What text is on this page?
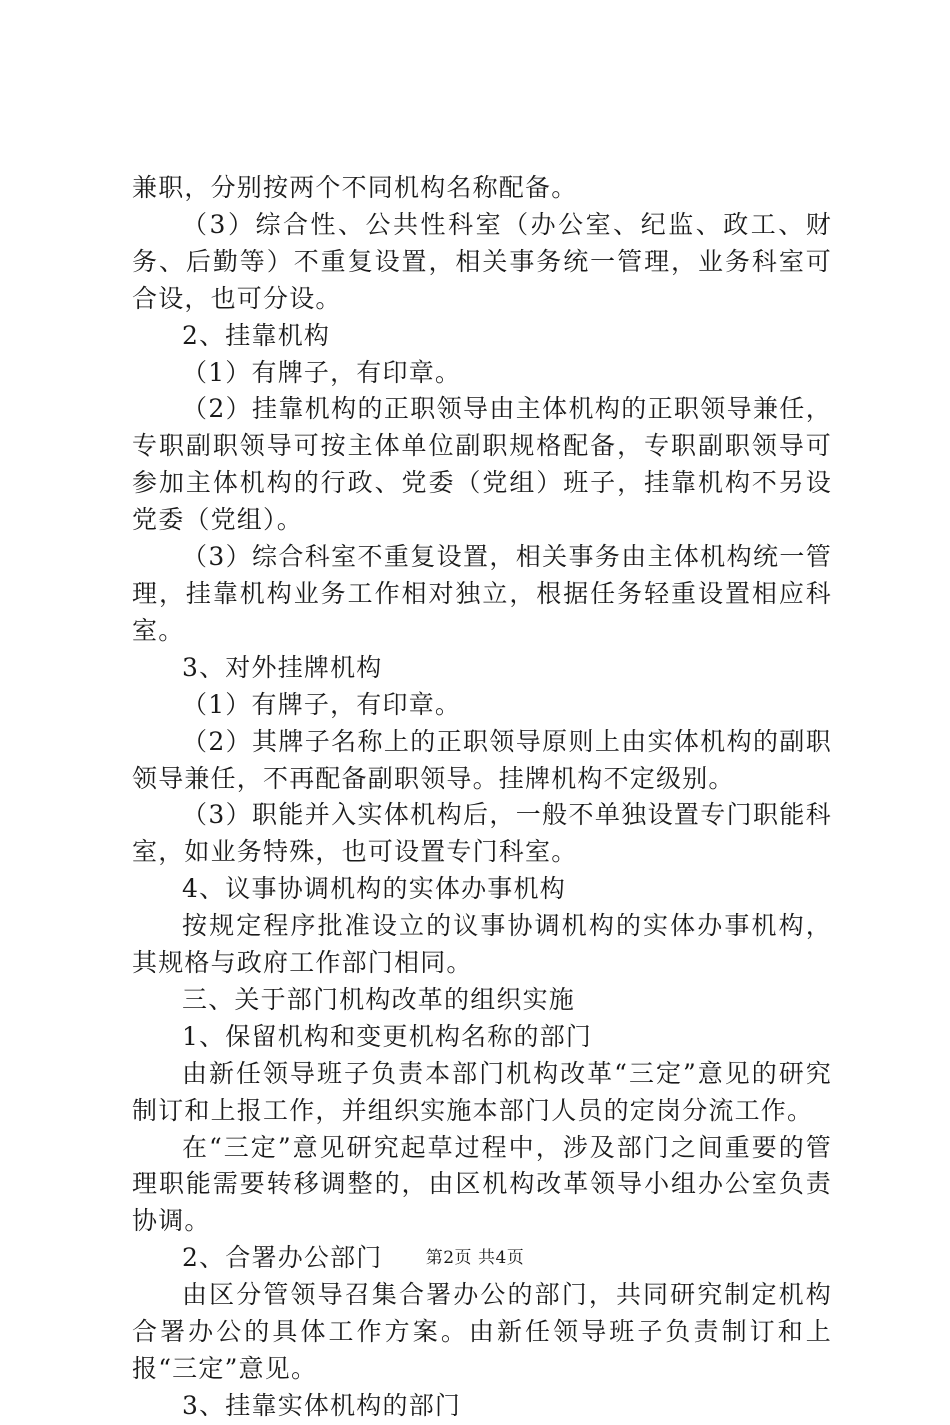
兼职，分别按两个不同机构名称配备。

（3）综合性、公共性科室（办公室、纪监、政工、财务、后勤等）不重复设置，相关事务统一管理，业务科室可合设，也可分设。

2、挂靠机构

（1）有牌子，有印章。

（2）挂靠机构的正职领导由主体机构的正职领导兼任，专职副职领导可按主体单位副职规格配备，专职副职领导可参加主体机构的行政、党委（党组）班子，挂靠机构不另设党委（党组）。

（3）综合科室不重复设置，相关事务由主体机构统一管理，挂靠机构业务工作相对独立，根据任务轻重设置相应科室。

3、对外挂牌机构

（1）有牌子，有印章。

（2）其牌子名称上的正职领导原则上由实体机构的副职领导兼任，不再配备副职领导。挂牌机构不定级别。

（3）职能并入实体机构后，一般不单独设置专门职能科室，如业务特殊，也可设置专门科室。

4、议事协调机构的实体办事机构

按规定程序批准设立的议事协调机构的实体办事机构，其规格与政府工作部门相同。

三、关于部门机构改革的组织实施

1、保留机构和变更机构名称的部门

由新任领导班子负责本部门机构改革“三定”意见的研究制订和上报工作，并组织实施本部门人员的定岗分流工作。

在“三定”意见研究起草过程中，涉及部门之间重要的管理职能需要转移调整的，由区机构改革领导小组办公室负责协调。

2、合署办公部门

由区分管领导召集合署办公的部门，共同研究制定机构合署办公的具体工作方案。由新任领导班子负责制订和上报“三定”意见。

3、挂靠实体机构的部门

第2页 共4页
